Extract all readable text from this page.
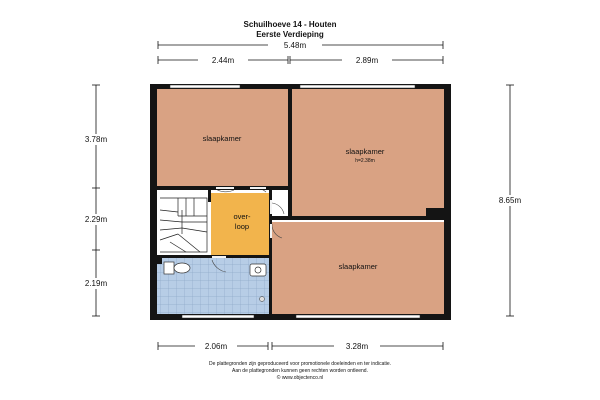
Schuilhoeve 14 - Houten
Eerste Verdieping
5.48m
2.44m	2.89m
3.78m
2.29m
2.19m
8.65m
2.06m	3.28m
slaapkamer
slaapkamer
h=2.38m
over-
loop
slaapkamer
De plattegronden zijn geproduceerd voor promotionele doeleinden en ter indicatie.
Aan de plattegronden kunnen geen rechten worden ontleend.
© www.objectenco.nl
